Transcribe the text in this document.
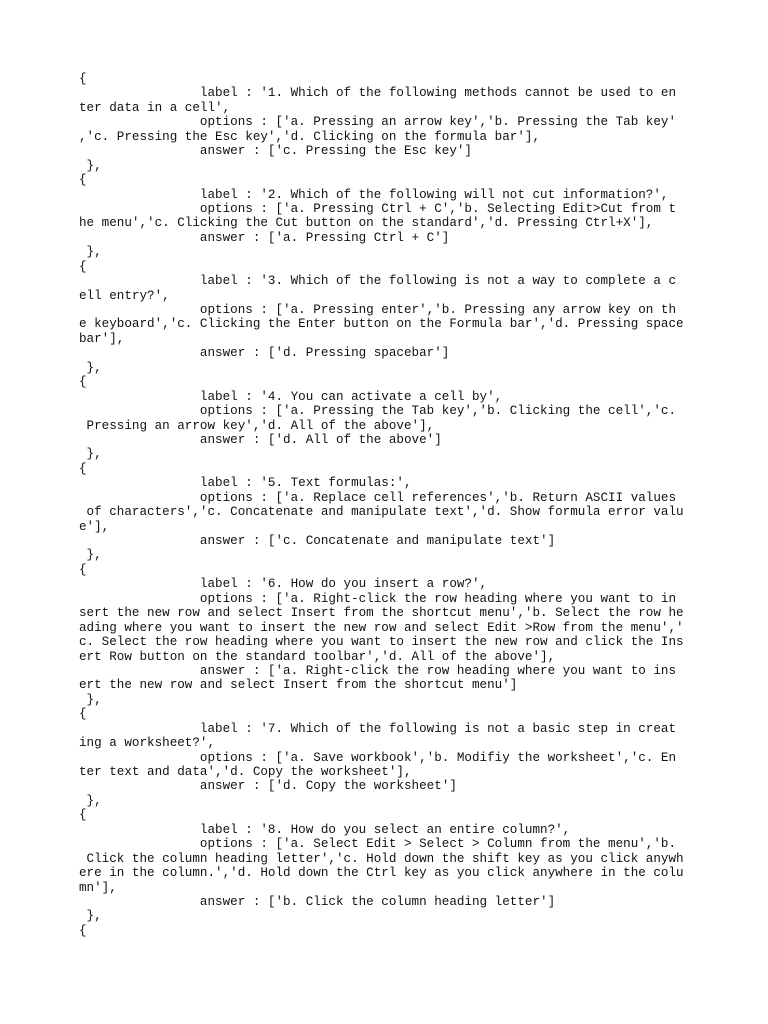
{
label : '1. Which of the following methods cannot be used to en
ter data in a cell',
options : ['a. Pressing an arrow key','b. Pressing the Tab key'
,'c. Pressing the Esc key','d. Clicking on the formula bar'],
answer : ['c. Pressing the Esc key']
},
{
label : '2. Which of the following will not cut information?',
options : ['a. Pressing Ctrl + C','b. Selecting Edit>Cut from t
he menu','c. Clicking the Cut button on the standard','d. Pressing Ctrl+X'],
answer : ['a. Pressing Ctrl + C']
},
{
label : '3. Which of the following is not a way to complete a c
ell entry?',
options : ['a. Pressing enter','b. Pressing any arrow key on th
e keyboard','c. Clicking the Enter button on the Formula bar','d. Pressing space
bar'],
answer : ['d. Pressing spacebar']
},
{
label : '4. You can activate a cell by',
options : ['a. Pressing the Tab key','b. Clicking the cell','c.
Pressing an arrow key','d. All of the above'],
answer : ['d. All of the above']
},
{
label : '5. Text formulas:',
options : ['a. Replace cell references','b. Return ASCII values
of characters','c. Concatenate and manipulate text','d. Show formula error valu
e'],
answer : ['c. Concatenate and manipulate text']
},
{
label : '6. How do you insert a row?',
options : ['a. Right-click the row heading where you want to in
sert the new row and select Insert from the shortcut menu','b. Select the row he
ading where you want to insert the new row and select Edit >Row from the menu','
c. Select the row heading where you want to insert the new row and click the Ins
ert Row button on the standard toolbar','d. All of the above'],
answer : ['a. Right-click the row heading where you want to ins
ert the new row and select Insert from the shortcut menu']
},
{
label : '7. Which of the following is not a basic step in creat
ing a worksheet?',
options : ['a. Save workbook','b. Modifiy the worksheet','c. En
ter text and data','d. Copy the worksheet'],
answer : ['d. Copy the worksheet']
},
{
label : '8. How do you select an entire column?',
options : ['a. Select Edit > Select > Column from the menu','b.
Click the column heading letter','c. Hold down the shift key as you click anywh
ere in the column.','d. Hold down the Ctrl key as you click anywhere in the colu
mn'],
answer : ['b. Click the column heading letter']
},
{
